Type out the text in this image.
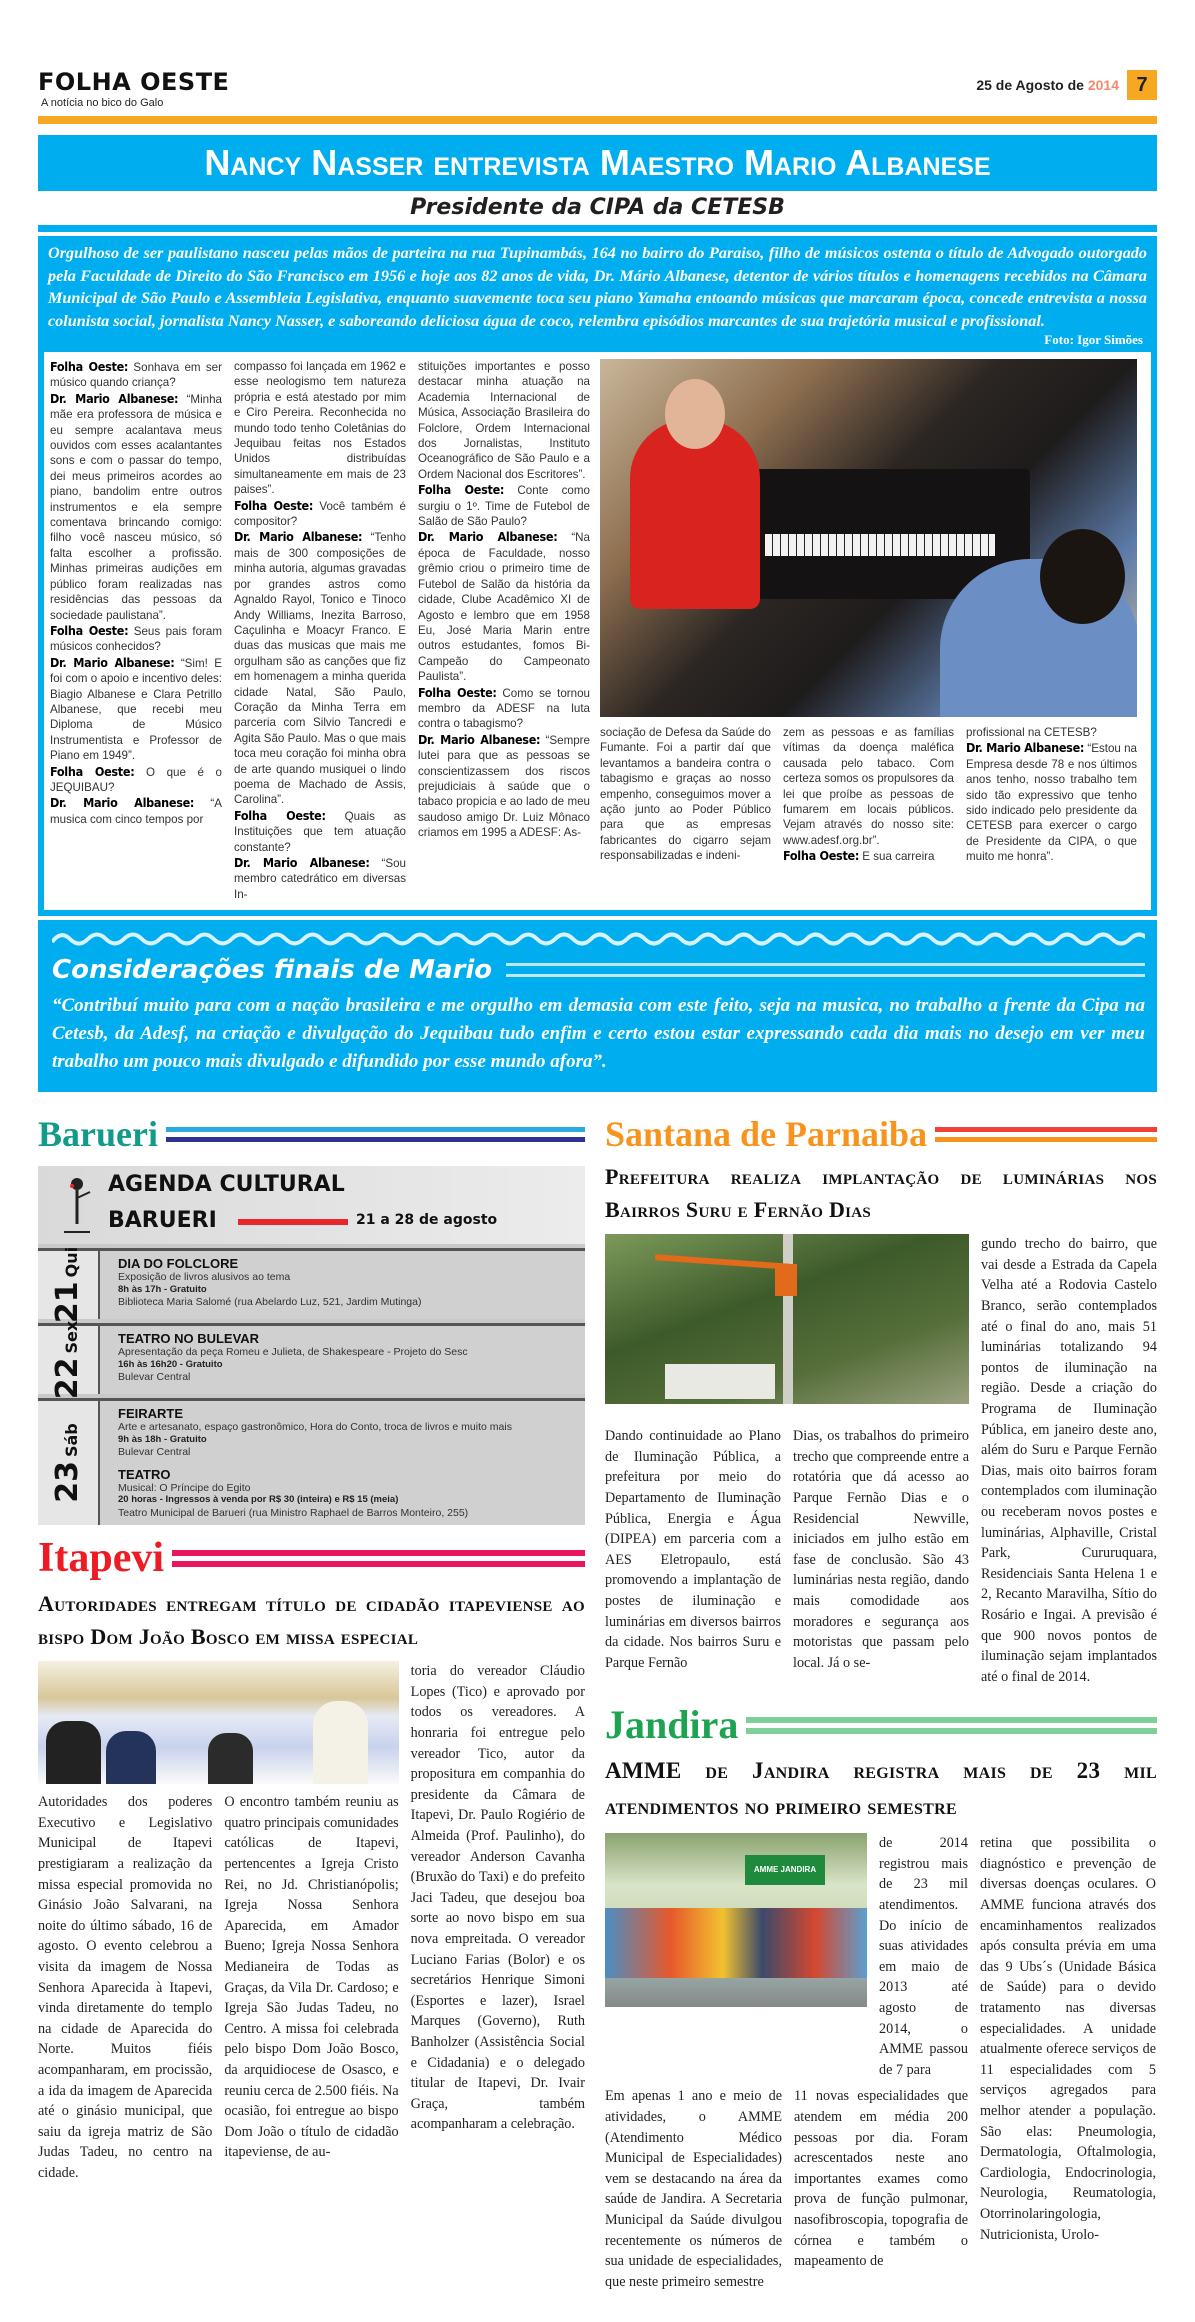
FOLHA OESTE
A notícia no bico do Galo
25 de Agosto de 2014 7
Nancy Nasser entrevista Maestro Mario Albanese
Presidente da CIPA da CETESB
Orgulhoso de ser paulistano nasceu pelas mãos de parteira na rua Tupinambás, 164 no bairro do Paraiso, filho de músicos ostenta o título de Advogado outorgado pela Faculdade de Direito do São Francisco em 1956 e hoje aos 82 anos de vida, Dr. Mário Albanese, detentor de vários títulos e homenagens recebidos na Câmara Municipal de São Paulo e Assembleia Legislativa, enquanto suavemente toca seu piano Yamaha entoando músicas que marcaram época, concede entrevista a nossa colunista social, jornalista Nancy Nasser, e saboreando deliciosa água de coco, relembra episódios marcantes de sua trajetória musical e profissional.
Foto: Igor Simões

Folha Oeste: Sonhava em ser músico quando criança?

Dr. Mario Albanese: “Minha mãe era professora de música e eu sempre acalantava meus ouvidos com esses acalantantes sons e com o passar do tempo, dei meus primeiros acordes ao piano, bandolim entre outros instrumentos e ela sempre comentava brincando comigo: filho você nasceu músico, só falta escolher a profissão. Minhas primeiras audições em público foram realizadas nas residências das pessoas da sociedade paulistana”.

Folha Oeste: Seus pais foram músicos conhecidos?

Dr. Mario Albanese: “Sim! E foi com o apoio e incentivo deles: Biagio Albanese e Clara Petrillo Albanese, que recebi meu Diploma de Músico Instrumentista e Professor de Piano em 1949”.

Folha Oeste: O que é o JEQUIBAU?

Dr. Mario Albanese: “A musica com cinco tempos por

compasso foi lançada em 1962 e esse neologismo tem natureza própria e está atestado por mim e Ciro Pereira. Reconhecida no mundo todo tenho Coletânias do Jequibau feitas nos Estados Unidos distribuídas simultaneamente em mais de 23 paises”.

Folha Oeste: Você também é compositor?

Dr. Mario Albanese: “Tenho mais de 300 composições de minha autoria, algumas gravadas por grandes astros como Agnaldo Rayol, Tonico e Tinoco Andy Williams, Inezita Barroso, Caçulinha e Moacyr Franco. E duas das musicas que mais me orgulham são as canções que fiz em homenagem a minha querida cidade Natal, São Paulo, Coração da Minha Terra em parceria com Silvio Tancredi e Agita São Paulo. Mas o que mais toca meu coração foi minha obra de arte quando musiquei o lindo poema de Machado de Assis, Carolina”.

Folha Oeste: Quais as Instituições que tem atuação constante?

Dr. Mario Albanese: “Sou membro catedrático em diversas In-

stituições importantes e posso destacar minha atuação na Academia Internacional de Música, Associação Brasileira do Folclore, Ordem Internacional dos Jornalistas, Instituto Oceanográfico de São Paulo e a Ordem Nacional dos Escritores”.

Folha Oeste: Conte como surgiu o 1º. Time de Futebol de Salão de São Paulo?

Dr. Mario Albanese: “Na época de Faculdade, nosso grêmio criou o primeiro time de Futebol de Salão da história da cidade, Clube Acadêmico XI de Agosto e lembro que em 1958 Eu, José Maria Marin entre outros estudantes, fomos Bi-Campeão do Campeonato Paulista”.

Folha Oeste: Como se tornou membro da ADESF na luta contra o tabagismo?

Dr. Mario Albanese: “Sempre lutei para que as pessoas se conscientizassem dos riscos prejudiciais à saúde que o tabaco propicia e ao lado de meu saudoso amigo Dr. Luiz Mônaco criamos em 1995 a ADESF: As-

sociação de Defesa da Saúde do Fumante. Foi a partir daí que levantamos a bandeira contra o tabagismo e graças ao nosso empenho, conseguimos mover a ação junto ao Poder Público para que as empresas fabricantes do cigarro sejam responsabilizadas e indeni-

zem as pessoas e as famílias vítimas da doença maléfica causada pelo tabaco. Com certeza somos os propulsores da lei que proíbe as pessoas de fumarem em locais públicos. Vejam através do nosso site: www.adesf.org.br”.

Folha Oeste: E sua carreira

profissional na CETESB?

Dr. Mario Albanese: “Estou na Empresa desde 78 e nos últimos anos tenho, nosso trabalho tem sido tão expressivo que tenho sido indicado pelo presidente da CETESB para exercer o cargo de Presidente da CIPA, o que muito me honra”.

Considerações finais de Mario
“Contribuí muito para com a nação brasileira e me orgulho em demasia com este feito, seja na musica, no trabalho a frente da Cipa na Cetesb, da Adesf, na criação e divulgação do Jequibau tudo enfim e certo estou estar expressando cada dia mais no desejo em ver meu trabalho um pouco mais divulgado e difundido por esse mundo afora”.
Barueri
AGENDA CULTURAL
BARUERI	21 a 28 de agosto
21Qui	DIA DO FOLCLORE
Exposição de livros alusivos ao tema
8h às 17h - Gratuito
Biblioteca Maria Salomé (rua Abelardo Luz, 521, Jardim Mutinga)
22Sex	TEATRO NO BULEVAR
Apresentação da peça Romeu e Julieta, de Shakespeare - Projeto do Sesc
16h às 16h20 - Gratuito
Bulevar Central
23Sáb
FEIRARTE
Arte e artesanato, espaço gastronômico, Hora do Conto, troca de livros e muito mais
9h às 18h - Gratuito
Bulevar Central
TEATRO
Musical: O Príncipe do Egito
20 horas - Ingressos à venda por R$ 30 (inteira) e R$ 15 (meia)
Teatro Municipal de Barueri (rua Ministro Raphael de Barros Monteiro, 255)
Itapevi
Autoridades entregam título de cidadão itapeviense ao bispo Dom João Bosco em missa especial
Autoridades dos poderes Executivo e Legislativo Municipal de Itapevi prestigiaram a realização da missa especial promovida no Ginásio João Salvarani, na noite do último sábado, 16 de agosto. O evento celebrou a visita da imagem de Nossa Senhora Aparecida à Itapevi, vinda diretamente do templo na cidade de Aparecida do Norte. Muitos fiéis acompanharam, em procissão, a ida da imagem de Aparecida até o ginásio municipal, que saiu da igreja matriz de São Judas Tadeu, no centro na cidade.
O encontro também reuniu as quatro principais comunidades católicas de Itapevi, pertencentes a Igreja Cristo Rei, no Jd. Christianópolis; Igreja Nossa Senhora Aparecida, em Amador Bueno; Igreja Nossa Senhora Medianeira de Todas as Graças, da Vila Dr. Cardoso; e Igreja São Judas Tadeu, no Centro. A missa foi celebrada pelo bispo Dom João Bosco, da arquidiocese de Osasco, e reuniu cerca de 2.500 fiéis. Na ocasião, foi entregue ao bispo Dom João o título de cidadão itapeviense, de au-
toria do vereador Cláudio Lopes (Tico) e aprovado por todos os vereadores. A honraria foi entregue pelo vereador Tico, autor da propositura em companhia do presidente da Câmara de Itapevi, Dr. Paulo Rogiério de Almeida (Prof. Paulinho), do vereador Anderson Cavanha (Bruxão do Taxi) e do prefeito Jaci Tadeu, que desejou boa sorte ao novo bispo em sua nova empreitada. O vereador Luciano Farias (Bolor) e os secretários Henrique Simoni (Esportes e lazer), Israel Marques (Governo), Ruth Banholzer (Assistência Social e Cidadania) e o delegado titular de Itapevi, Dr. Ivair Graça, também acompanharam a celebração.
Santana de Parnaiba
Prefeitura realiza implantação de luminárias nos Bairros Suru e Fernão Dias
Dando continuidade ao Plano de Iluminação Pública, a prefeitura por meio do Departamento de Iluminação Pública, Energia e Água (DIPEA) em parceria com a AES Eletropaulo, está promovendo a implantação de postes de iluminação e luminárias em diversos bairros da cidade. Nos bairros Suru e Parque Fernão
Dias, os trabalhos do primeiro trecho que compreende entre a rotatória que dá acesso ao Parque Fernão Dias e o Residencial Newville, iniciados em julho estão em fase de conclusão. São 43 luminárias nesta região, dando mais comodidade aos moradores e segurança aos motoristas que passam pelo local. Já o se-
gundo trecho do bairro, que vai desde a Estrada da Capela Velha até a Rodovia Castelo Branco, serão contemplados até o final do ano, mais 51 luminárias totalizando 94 pontos de iluminação na região. Desde a criação do Programa de Iluminação Pública, em janeiro deste ano, além do Suru e Parque Fernão Dias, mais oito bairros foram contemplados com iluminação ou receberam novos postes e luminárias, Alphaville, Cristal Park, Cururuquara, Residenciais Santa Helena 1 e 2, Recanto Maravilha, Sítio do Rosário e Ingai. A previsão é que 900 novos pontos de iluminação sejam implantados até o final de 2014.
Jandira
AMME de Jandira registra mais de 23 mil atendimentos no primeiro semestre
AMME JANDIRA
de 2014 registrou mais de 23 mil atendimentos. Do início de suas atividades em maio de 2013 até agosto de 2014, o AMME passou de 7 para
Em apenas 1 ano e meio de atividades, o AMME (Atendimento Médico Municipal de Especialidades) vem se destacando na área da saúde de Jandira. A Secretaria Municipal da Saúde divulgou recentemente os números de sua unidade de especialidades, que neste primeiro semestre
11 novas especialidades que atendem em média 200 pessoas por dia. Foram acrescentados neste ano importantes exames como prova de função pulmonar, nasofibroscopia, topografia de córnea e também o mapeamento de
retina que possibilita o diagnóstico e prevenção de diversas doenças oculares. O AMME funciona através dos encaminhamentos realizados após consulta prévia em uma das 9 Ubs´s (Unidade Básica de Saúde) para o devido tratamento nas diversas especialidades. A unidade atualmente oferece serviços de 11 especialidades com 5 serviços agregados para melhor atender a população. São elas: Pneumologia, Dermatologia, Oftalmologia, Cardiologia, Endocrinologia, Neurologia, Reumatologia, Otorrinolaringologia, Nutricionista, Urolo-
